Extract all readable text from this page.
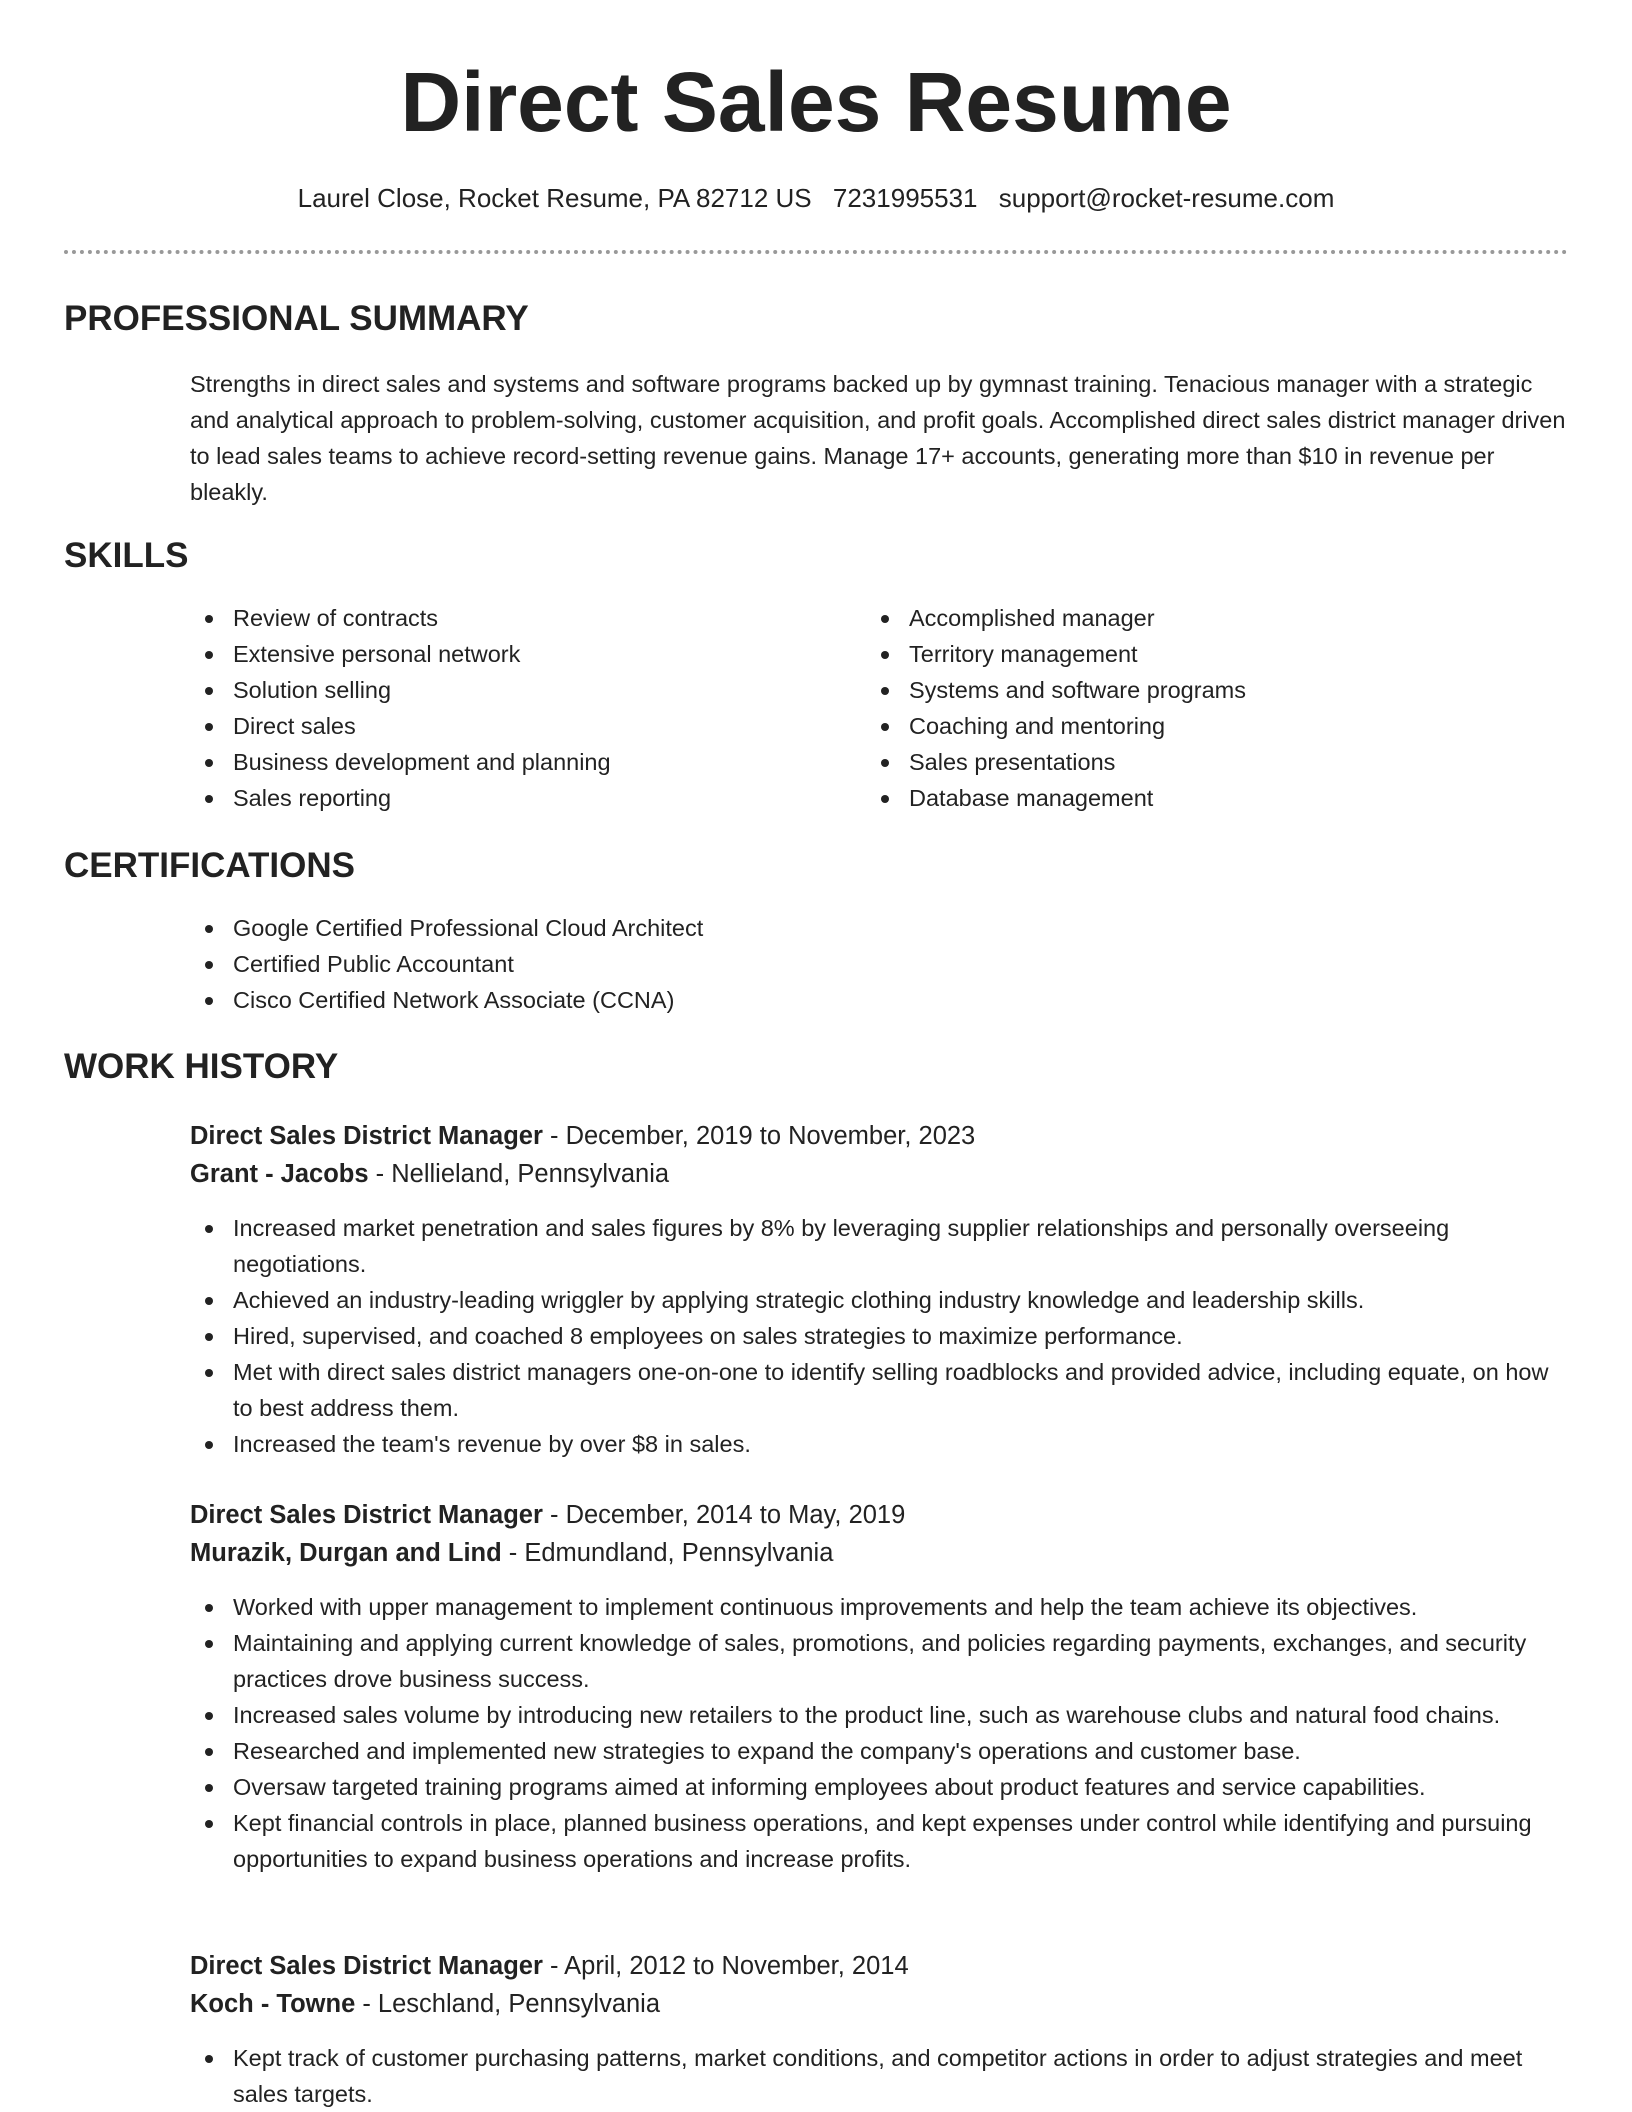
Direct Sales Resume
Laurel Close, Rocket Resume, PA 82712 US 7231995531 support@rocket-resume.com
PROFESSIONAL SUMMARY

Strengths in direct sales and systems and software programs backed up by gymnast training. Tenacious manager with a strategic and analytical approach to problem-solving, customer acquisition, and profit goals. Accomplished direct sales district manager driven to lead sales teams to achieve record-setting revenue gains. Manage 17+ accounts, generating more than $10 in revenue per bleakly.

SKILLS
Review of contracts
Extensive personal network
Solution selling
Direct sales
Business development and planning
Sales reporting
Accomplished manager
Territory management
Systems and software programs
Coaching and mentoring
Sales presentations
Database management
CERTIFICATIONS
Google Certified Professional Cloud Architect
Certified Public Accountant
Cisco Certified Network Associate (CCNA)
WORK HISTORY

Direct Sales District Manager - December, 2019 to November, 2023

Grant - Jacobs - Nellieland, Pennsylvania

Increased market penetration and sales figures by 8% by leveraging supplier relationships and personally overseeing negotiations.
Achieved an industry-leading wriggler by applying strategic clothing industry knowledge and leadership skills.
Hired, supervised, and coached 8 employees on sales strategies to maximize performance.
Met with direct sales district managers one-on-one to identify selling roadblocks and provided advice, including equate, on how to best address them.
Increased the team's revenue by over $8 in sales.

Direct Sales District Manager - December, 2014 to May, 2019

Murazik, Durgan and Lind - Edmundland, Pennsylvania

Worked with upper management to implement continuous improvements and help the team achieve its objectives.
Maintaining and applying current knowledge of sales, promotions, and policies regarding payments, exchanges, and security practices drove business success.
Increased sales volume by introducing new retailers to the product line, such as warehouse clubs and natural food chains.
Researched and implemented new strategies to expand the company's operations and customer base.
Oversaw targeted training programs aimed at informing employees about product features and service capabilities.
Kept financial controls in place, planned business operations, and kept expenses under control while identifying and pursuing opportunities to expand business operations and increase profits.

Direct Sales District Manager - April, 2012 to November, 2014

Koch - Towne - Leschland, Pennsylvania

Kept track of customer purchasing patterns, market conditions, and competitor actions in order to adjust strategies and meet sales targets.
